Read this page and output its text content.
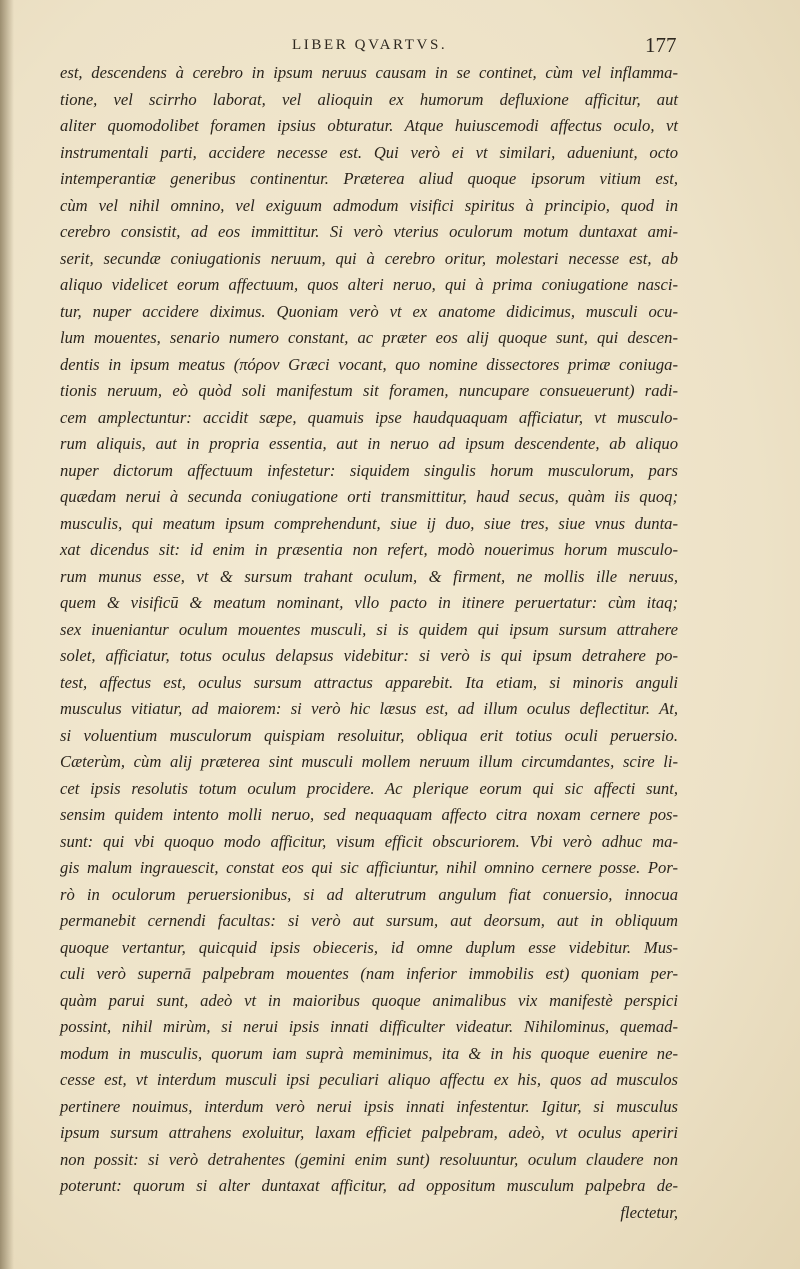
LIBER QVARTVS.	177
est, descendens à cerebro in ipsum neruus causam in se continet, cùm vel inflamma-
tione, vel scirrho laborat, vel alioquin ex humorum defluxione afficitur, aut
aliter quomodolibet foramen ipsius obturatur. Atque huiuscemodi affectus oculo, vt
instrumentali parti, accidere necesse est. Qui verò ei vt similari, adueniunt, octo
intemperantiæ generibus continentur. Præterea aliud quoque ipsorum vitium est,
cùm vel nihil omnino, vel exiguum admodum visifici spiritus à principio, quod in
cerebro consistit, ad eos immittitur. Si verò vterius oculorum motum duntaxat ami-
serit, secundæ coniugationis neruum, qui à cerebro oritur, molestari necesse est, ab
aliquo videlicet eorum affectuum, quos alteri neruo, qui à prima coniugatione nasci-
tur, nuper accidere diximus. Quoniam verò vt ex anatome didicimus, musculi ocu-
lum mouentes, senario numero constant, ac præter eos alij quoque sunt, qui descen-
dentis in ipsum meatus (πόρον Græci vocant, quo nomine dissectores primæ coniuga-
tionis neruum, eò quòd soli manifestum sit foramen, nuncupare consueuerunt) radi-
cem amplectuntur: accidit sæpe, quamuis ipse haudquaquam afficiatur, vt musculo-
rum aliquis, aut in propria essentia, aut in neruo ad ipsum descendente, ab aliquo
nuper dictorum affectuum infestetur: siquidem singulis horum musculorum, pars
quædam nerui à secunda coniugatione orti transmittitur, haud secus, quàm iis quoq;
musculis, qui meatum ipsum comprehendunt, siue ij duo, siue tres, siue vnus dunta-
xat dicendus sit: id enim in præsentia non refert, modò nouerimus horum musculo-
rum munus esse, vt & sursum trahant oculum, & firment, ne mollis ille neruus,
quem & visificū & meatum nominant, vllo pacto in itinere peruertatur: cùm itaq;
sex inueniantur oculum mouentes musculi, si is quidem qui ipsum sursum attrahere
solet, afficiatur, totus oculus delapsus videbitur: si verò is qui ipsum detrahere po-
test, affectus est, oculus sursum attractus apparebit. Ita etiam, si minoris anguli
musculus vitiatur, ad maiorem: si verò hic læsus est, ad illum oculus deflectitur. At,
si voluentium musculorum quispiam resoluitur, obliqua erit totius oculi peruersio.
Cæterùm, cùm alij præterea sint musculi mollem neruum illum circumdantes, scire li-
cet ipsis resolutis totum oculum procidere. Ac plerique eorum qui sic affecti sunt,
sensim quidem intento molli neruo, sed nequaquam affecto citra noxam cernere pos-
sunt: qui vbi quoquo modo afficitur, visum efficit obscuriorem. Vbi verò adhuc ma-
gis malum ingrauescit, constat eos qui sic afficiuntur, nihil omnino cernere posse. Por-
rò in oculorum peruersionibus, si ad alterutrum angulum fiat conuersio, innocua
permanebit cernendi facultas: si verò aut sursum, aut deorsum, aut in obliquum
quoque vertantur, quicquid ipsis obieceris, id omne duplum esse videbitur. Mus-
culi verò supernā palpebram mouentes (nam inferior immobilis est) quoniam per-
quàm parui sunt, adeò vt in maioribus quoque animalibus vix manifestè perspici
possint, nihil mirùm, si nerui ipsis innati difficulter videatur. Nihilominus, quemad-
modum in musculis, quorum iam suprà meminimus, ita & in his quoque euenire ne-
cesse est, vt interdum musculi ipsi peculiari aliquo affectu ex his, quos ad musculos
pertinere nouimus, interdum verò nerui ipsis innati infestentur. Igitur, si musculus
ipsum sursum attrahens exoluitur, laxam efficiet palpebram, adeò, vt oculus aperiri
non possit: si verò detrahentes (gemini enim sunt) resoluuntur, oculum claudere non
poterunt: quorum si alter duntaxat afficitur, ad oppositum musculum palpebra de-
flectetur,
